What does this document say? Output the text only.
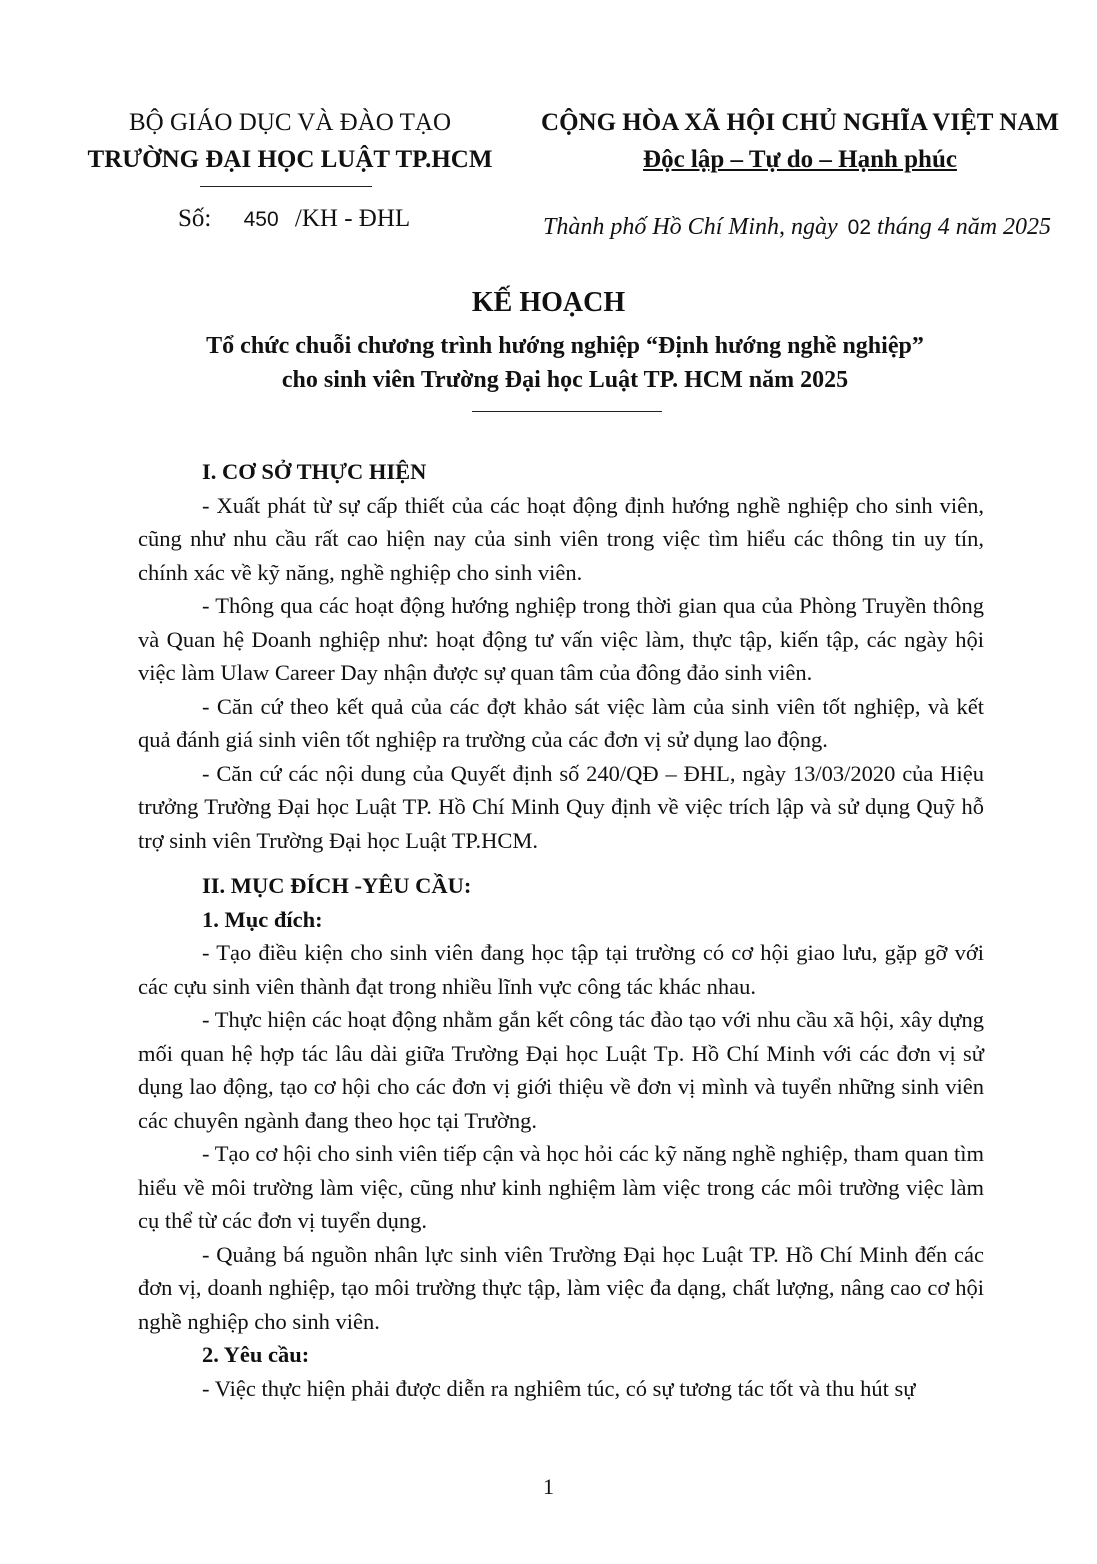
BỘ GIÁO DỤC VÀ ĐÀO TẠO
TRƯỜNG ĐẠI HỌC LUẬT TP.HCM
CỘNG HÒA XÃ HỘI CHỦ NGHĨA VIỆT NAM
Độc lập – Tự do – Hạnh phúc
Số: 450 /KH - ĐHL	Thành phố Hồ Chí Minh, ngày 02 tháng 4 năm 2025
KẾ HOẠCH
Tổ chức chuỗi chương trình hướng nghiệp “Định hướng nghề nghiệp”
cho sinh viên Trường Đại học Luật TP. HCM năm 2025

I. CƠ SỞ THỰC HIỆN

- Xuất phát từ sự cấp thiết của các hoạt động định hướng nghề nghiệp cho sinh viên, cũng như nhu cầu rất cao hiện nay của sinh viên trong việc tìm hiểu các thông tin uy tín, chính xác về kỹ năng, nghề nghiệp cho sinh viên.

- Thông qua các hoạt động hướng nghiệp trong thời gian qua của Phòng Truyền thông và Quan hệ Doanh nghiệp như: hoạt động tư vấn việc làm, thực tập, kiến tập, các ngày hội việc làm Ulaw Career Day nhận được sự quan tâm của đông đảo sinh viên.

- Căn cứ theo kết quả của các đợt khảo sát việc làm của sinh viên tốt nghiệp, và kết quả đánh giá sinh viên tốt nghiệp ra trường của các đơn vị sử dụng lao động.

- Căn cứ các nội dung của Quyết định số 240/QĐ – ĐHL, ngày 13/03/2020 của Hiệu trưởng Trường Đại học Luật TP. Hồ Chí Minh Quy định về việc trích lập và sử dụng Quỹ hỗ trợ sinh viên Trường Đại học Luật TP.HCM.

II. MỤC ĐÍCH -YÊU CẦU:

1. Mục đích:

- Tạo điều kiện cho sinh viên đang học tập tại trường có cơ hội giao lưu, gặp gỡ với các cựu sinh viên thành đạt trong nhiều lĩnh vực công tác khác nhau.

- Thực hiện các hoạt động nhằm gắn kết công tác đào tạo với nhu cầu xã hội, xây dựng mối quan hệ hợp tác lâu dài giữa Trường Đại học Luật Tp. Hồ Chí Minh với các đơn vị sử dụng lao động, tạo cơ hội cho các đơn vị giới thiệu về đơn vị mình và tuyển những sinh viên các chuyên ngành đang theo học tại Trường.

- Tạo cơ hội cho sinh viên tiếp cận và học hỏi các kỹ năng nghề nghiệp, tham quan tìm hiểu về môi trường làm việc, cũng như kinh nghiệm làm việc trong các môi trường việc làm cụ thể từ các đơn vị tuyển dụng.

- Quảng bá nguồn nhân lực sinh viên Trường Đại học Luật TP. Hồ Chí Minh đến các đơn vị, doanh nghiệp, tạo môi trường thực tập, làm việc đa dạng, chất lượng, nâng cao cơ hội nghề nghiệp cho sinh viên.

2. Yêu cầu:

- Việc thực hiện phải được diễn ra nghiêm túc, có sự tương tác tốt và thu hút sự

1
